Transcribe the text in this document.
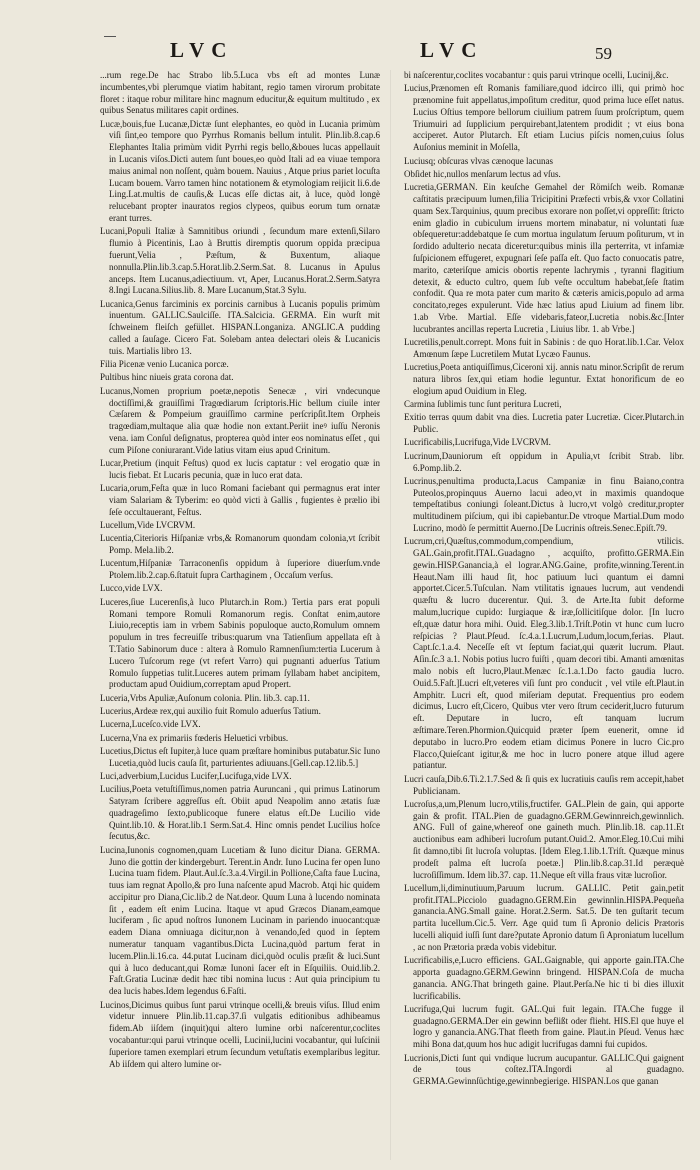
LVC	LVC	59

...rum rege.De hac Strabo lib.5.Luca vbs eſt ad montes Lunæ incumbentes,vbi plerumque viatim habitant, regio tamen virorum probitate floret : itaque robur militare hinc magnum educitur,& equitum multitudo , ex quibus Senatus militares capit ordines.

Lucæ,bouis,fue Lucanæ,Dictæ ſunt elephantes, eo quòd in Lucania primùm viſi ſint,eo tempore quo Pyrrhus Romanis bellum intulit. Plin.lib.8.cap.6 Elephantes Italia primùm vidit Pyrrhi regis bello,&boues lucas appellauit in Lucanis viſos.Dicti autem ſunt boues,eo quòd Itali ad ea viuae tempora maius animal non noſſent, quàm bouem. Nauius , Atque prius pariet locuſta Lucam bouem. Varro tamen hinc notationem & etymologiam reijicit li.6.de Ling.Lat.multis de cauſis,& Lucas eſſe dictas ait, à luce, quòd longè relucebant propter inauratos regios clypeos, quibus eorum tum ornatæ erant turres.

Lucani,Populi Italiæ à Samnitibus oriundi , ſecundum mare extenſi,Silaro flumio à Picentinis, Lao à Bruttis diremptis quorum oppida præcipua fuerunt,Velia , Pæſtum, & Buxentum, aliaque nonnulla.Plin.lib.3.cap.5.Horat.lib.2.Serm.Sat. 8. Lucanus in Apulus anceps. Item Lucanus,adiectiuum. vt, Aper, Lucanus.Horat.2.Serm.Satyra 8.Ingi Lucana.Silius.lib. 8. Mare Lucanum,Stat.3 Sylu.

Lucanica,Genus farciminis ex porcinis carnibus à Lucanis populis primùm inuentum. GALLIC.Saulciſſe. ITA.Salcicia. GERMA. Ein wurſt mit ſchweinem fleiſch gefüllet. HISPAN.Longaniza. ANGLIC.A pudding called a ſauſage. Cicero Fat. Solebam antea delectari oleis & Lucanicis tuis. Martialis libro 13.

Filia Picenæ venio Lucanica porcæ.

Pultibus hinc niueis grata corona dat.

Lucanus,Nomen proprium poetæ,nepotis Senecæ , viri vndecunque doctiſſimi,& grauiſſimi Tragœdiarum ſcriptoris.Hic bellum ciuile inter Cæſarem & Pompeium grauiſſimo carmine perſcripſit.Item Orpheis tragœdiam,multaque alia quæ hodie non extant.Periit ineꝰ iuſſu Neronis vena. iam Conſul deſignatus, propterea quòd inter eos nominatus eſſet , qui cum Piſone coniurarant.Vide latius vitam eius apud Crinitum.

Lucar,Pretium (inquit Feſtus) quod ex lucis captatur : vel erogatio quæ in lucis fiebat. Et Lucaris pecunia, quæ in luco erat data.

Lucaria,orum,Feſta quæ in luco Romani faciebant qui permagnus erat inter viam Salariam & Tyberim: eo quòd victi à Gallis , fugientes è prælio ibi ſeſe occultauerant, Feſtus.

Lucellum,Vide LVCRVM.

Lucentia,Citerioris Hiſpaniæ vrbs,& Romanorum quondam colonia,vt ſcribit Pomp. Mela.lib.2.

Lucentum,Hiſpaniæ Tarraconenſis oppidum à ſuperiore diuerſum.vnde Ptolem.lib.2.cap.6.ſtatuit ſupra Carthaginem , Occaſum verſus.

Lucco,vide LVX.

Luceres,ſiue Lucerenſis,à luco Plutarch.in Rom.) Tertia pars erat populi Romani tempore Romuli Romanorum regis. Conſtat enim,autore Liuio,receptis iam in vrbem Sabinis populoque aucto,Romulum omnem populum in tres fecreuiſſe tribus:quarum vna Tatienſium appellata eſt à T.Tatio Sabinorum duce : altera à Romulo Ramnenſium:tertia Lucerum à Lucero Tuſcorum rege (vt refert Varro) qui pugnanti aduerſus Tatium Romulo ſuppetias tulit.Luceres autem primam ſyllabam habet ancipitem, productam apud Ouidium,correptam apud Propert.

Luceria,Vrbs Apuliæ,Auſonum colonia. Plin. lib.3. cap.11.

Lucerius,Ardeæ rex,qui auxilio fuit Romulo aduerſus Tatium.

Lucerna,Luceſco.vide LVX.

Lucerna,Vna ex primariis fœderis Heluetici vrbibus.

Lucetius,Dictus eſt Iupiter,à luce quam præſtare hominibus putabatur.Sic Iuno Lucetia,quòd lucis cauſa ſit, parturientes adiuuans.[Gell.cap.12.lib.5.]

Luci,adverbium,Lucidus Lucifer,Lucifuga,vide LVX.

Lucilius,Poeta vetuſtiſſimus,nomen patria Auruncani , qui primus Latinorum Satyram ſcribere aggreſſus eſt. Obiit apud Neapolim anno ætatis ſuæ quadrageſimo ſexto,publicoque funere elatus eſt.De Lucilio vide Quint.lib.10. & Horat.lib.1 Serm.Sat.4. Hinc omnis pendet Lucilius hoſce ſecutus,&c.

Lucina,Iunonis cognomen,quam Lucetiam & Iuno dicitur Diana. GERMA. Juno die gottin der kindergeburt. Terent.in Andr. Iuno Lucina fer open Iuno Lucina tuam fidem. Plaut.Aul.ſc.3.a.4.Virgil.in Pollione,Caſta faue Lucina, tuus iam regnat Apollo,& pro Iuna naſcente apud Macrob. Atqi hic quidem accipitur pro Diana,Cic.lib.2 de Nat.deor. Quum Luna à lucendo nominata ſit , eadem eſt enim Lucina. Itaque vt apud Græcos Dianam,eamque luciferam , ſic apud noſtros Iunonem Lucinam in pariendo inuocant:quæ eadem Diana omniuaga dicitur,non à venando,ſed quod in ſeptem numeratur tanquam vagantibus.Dicta Lucina,quòd partum ferat in lucem.Plin.li.16.ca. 44.putat Lucinam dici,quòd oculis præſit & luci.Sunt qui à luco deducant,qui Romæ Iunoni ſacer eſt in Eſquiliis. Ouid.lib.2. Faſt.Gratia Lucinæ dedit hæc tibi nomina lucus : Aut quia principium tu dea lucis habes.Idem legendus 6.Faſti.

Lucinos,Dicimus quibus ſunt parui vtrinque ocelli,& breuis viſus. Illud enim videtur innuere Plin.lib.11.cap.37.ſi vulgatis editionibus adhibeamus fidem.Ab iiſdem (inquit)qui altero lumine orbi naſcerentur,coclites vocabantur:qui parui vtrinque ocelli, Lucinii,lucini vocabantur, qui luſcinii ſuperiore tamen exemplari etrum ſecundum vetuſtatis exemplaribus legitur. Ab iiſdem qui altero lumine or-

bi naſcerentur,coclites vocabantur : quis parui vtrinque ocelli, Lucinij,&c.

Lucius,Prænomen eſt Romanis familiare,quod idcirco illi, qui primò hoc prænomine fuit appellatus,impoſitum creditur, quod prima luce eſſet natus. Lucius Oſtius tempore bellorum ciuilium patrem ſuum proſcriptum, quem Triumuiri ad ſupplicium perquirebant,latentem prodidit ; vt eius bona acciperet. Autor Plutarch. Eſt etiam Lucius piſcis nomen,cuius ſolus Auſonius meminit in Moſella,

Luciusq; obſcuras vlvas cænoque lacunas

Obſidet hic,nullos menſarum lectus ad vſus.

Lucretia,GERMAN. Ein keuſche Gemahel der Römiſch weib. Romanæ caſtitatis præcipuum lumen,filia Tricipitini Præfecti vrbis,& vxor Collatini quam Sex.Tarquinius, quum precibus exorare non poſſet,vi oppreſſit: ſtricto enim gladio in cubiculum irruens mortem minabatur, ni voluntati ſuæ obſequeretur:addebatque ſe cum mortua ingulatum ſeruum poſiturum, vt in ſordido adulterio necata diceretur:quibus minis illa perterrita, vt infamiæ ſuſpicionem effugeret, expugnari ſeſe paſſa eſt. Quo facto conuocatis patre, marito, cæteriſque amicis obortis repente lachrymis , tyranni flagitium detexit, & educto cultro, quem ſub veſte occultum habebat,ſeſe ſtatim confodit. Qua re mota pater cum marito & cæteris amicis,populo ad arma concitato,reges expulerunt. Vide hæc latius apud Liuium ad finem libr. 1.ab Vrbe. Martial. Eſſe videbaris,fateor,Lucretia nobis.&c.[Inter lucubrantes ancillas reperta Lucretia , Liuius libr. 1. ab Vrbe.]

Lucretilis,penult.corrept. Mons fuit in Sabinis : de quo Horat.lib.1.Car. Velox Amœnum ſæpe Lucretilem Mutat Lycæo Faunus.

Lucretius,Poeta antiquiſſimus,Ciceroni xij. annis natu minor.Scripſit de rerum natura libros ſex,qui etiam hodie leguntur. Extat honorificum de eo elogium apud Ouidium in Eleg.

Carmina ſublimis tunc ſunt peritura Lucreti,

Exitio terras quum dabit vna dies. Lucretia pater Lucretiæ. Cicer.Plutarch.in Public.

Lucrificabilis,Lucrifuga,Vide LVCRVM.

Lucrinum,Dauniorum eſt oppidum in Apulia,vt ſcribit Strab. libr. 6.Pomp.lib.2.

Lucrinus,penultima producta,Lacus Campaniæ in finu Baiano,contra Puteolos,propinquus Auerno lacui adeo,vt in maximis quandoque tempeſtatibus coniungi ſoleant.Dictus à lucro,vt volgò creditur,propter multitudinem piſcium, qui ibi capiebantur.De vtroque Martial.Dum modo Lucrino, modò ſe permittit Auerno.[De Lucrinis oſtreis.Senec.Epiſt.79.

Lucrum,cri,Quæſtus,commodum,compendium, vtilicis. GAL.Gain,profit.ITAL.Guadagno , acquiſto, profitto.GERMA.Ein gewin.HISP.Ganancia,à el lograr.ANG.Gaine, profite,winning.Terent.in Heaut.Nam illi haud ſit, hoc patiuum luci quantum ei damni apportet.Cicer.5.Tuſculan. Nam vtilitatis ignaues lucrum, aut vendendi quæſtu & lucro ducerentur. Qui. 3. de Arte.Ita ſubit deforme malum,lucrique cupido: Iurgiaque & iræ,ſollicitiſque dolor. [In lucro eſt,quæ datur hora mihi. Ouid. Eleg.3.lib.1.Triſt.Potin vt hunc cum lucro reſpicias ? Plaut.Pſeud. ſc.4.a.1.Lucrum,Ludum,locum,ferias. Plaut. Capt.ſc.1.a.4. Neceſſe eſt vt ſeptum faciat,qui quærit lucrum. Plaut. Aſin.ſc.3 a.1. Nobis potius lucro fuiſti , quam decori tibi. Amanti amœnitas malo nobis eſt lucro,Plaut.Menæc ſc.1.a.1.Do facto gaudia lucro. Ouid.5.Faſt.]Lucri eſt,veteres viſi ſunt pro conducit , vel vtile eſt.Plaut.in Amphitr. Lucri eſt, quod miſeriam deputat. Frequentius pro eodem dicimus, Lucro eſt,Cicero, Quibus vter vero ſtrum ceciderit,lucro futurum eſt. Deputare in lucro, eſt tanquam lucrum æſtimare.Teren.Phormion.Quicquid præter ſpem euenerit, omne id deputabo in lucro.Pro eodem etiam dicimus Ponere in lucro Cic.pro Flacco,Quieſcant igitur,& me hoc in lucro ponere atque illud agere patiantur.

Lucri cauſa,Dib.6.Ti.2.1.7.Sed & ſi quis ex lucratiuis cauſis rem accepit,habet Publicianam.

Lucroſus,a,um,Plenum lucro,vtilis,fructifer. GAL.Plein de gain, qui apporte gain & profit. ITAL.Pien de guadagno.GERM.Gewinnreich,gewinnlich. ANG. Full of gaine,whereof one gaineth much. Plin.lib.18. cap.11.Et auctionibus eam adhiberi lucroſum putant.Ouid.2. Amor.Eleg.10.Cui mihi ſit damno,tibi ſit lucroſa voluptas. [Idem Eleg.1.lib.1.Triſt. Quæque minus prodeſt palma eſt lucroſa poetæ.] Plin.lib.8.cap.31.Id peræquè lucroſiſſimum. Idem lib.37. cap. 11.Neque eſt villa fraus vitæ lucroſior.

Lucellum,li,diminutiuum,Paruum lucrum. GALLIC. Petit gain,petit profit.ITAL.Picciolo guadagno.GERM.Ein gewinnlin.HISPA.Pequeña ganancia.ANG.Small gaine. Horat.2.Serm. Sat.5. De ten guſtarit tecum partita lucellum.Cic.5. Verr. Age quid tum ſi Apronio delicis Prætoris lucelli aliquid iuſſi ſunt dare?putate Apronio datum ſi Aproniatum lucellum , ac non Prætoria præda vobis videbitur.

Lucrificabilis,e,Lucro efficiens. GAL.Gaignable, qui apporte gain.ITA.Che apporta guadagno.GERM.Gewinn bringend. HISPAN.Coſa de mucha ganancia. ANG.That bringeth gaine. Plaut.Perſa.Ne hic ti bi dies illuxit lucrificabilis.

Lucrifuga,Qui lucrum fugit. GAL.Qui fuit legain. ITA.Che fugge il guadagno.GERMA.Der ein gewinn beflißt oder flieht. HIS.El que huye el logro y ganancia.ANG.That fleeth from gaine. Plaut.in Pſeud. Venus hæc mihi Bona dat,quum hos huc adigit lucrifugas damni fui cupidos.

Lucrionis,Dicti ſunt qui vndique lucrum aucupantur. GALLIC.Qui gaignent de tous coſtez.ITA.Ingordi al guadagno. GERMA.Gewinnſüchtige,gewinnbegierige. HISPAN.Los que ganan
